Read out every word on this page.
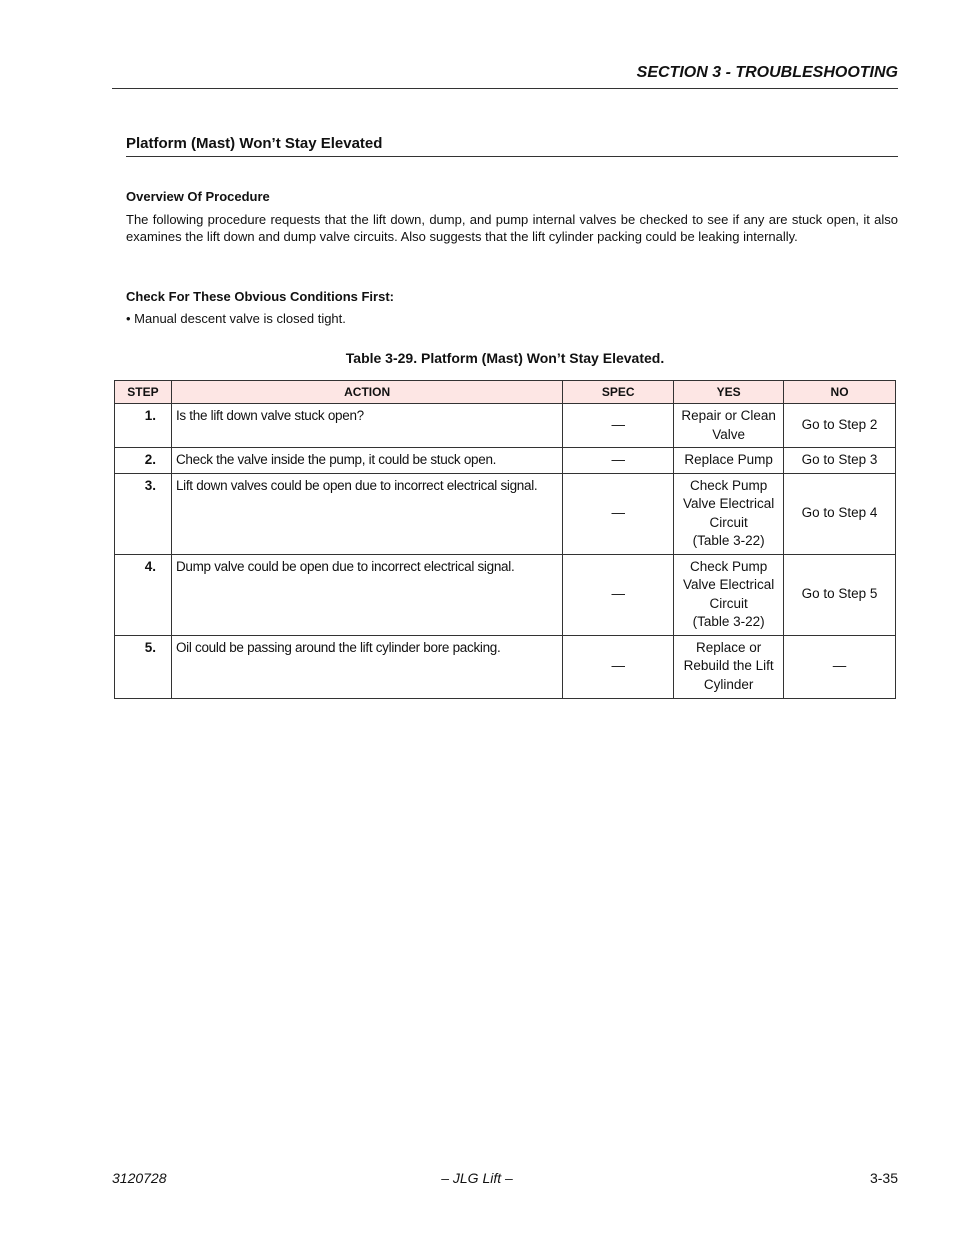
SECTION 3 - TROUBLESHOOTING
Platform (Mast) Won’t Stay Elevated
Overview Of Procedure
The following procedure requests that the lift down, dump, and pump internal valves be checked to see if any are stuck open, it also examines the lift down and dump valve circuits. Also suggests that the lift cylinder packing could be leaking internally.
Check For These Obvious Conditions First:
• Manual descent valve is closed tight.
Table 3-29. Platform (Mast) Won’t Stay Elevated.
STEP	ACTION	SPEC	YES	NO
1.	Is the lift down valve stuck open?	—	Repair or Clean
Valve	Go to Step 2
2.	Check the valve inside the pump, it could be stuck open.	—	Replace Pump	Go to Step 3
3.	Lift down valves could be open due to incorrect electrical signal.	—	Check Pump
Valve Electrical
Circuit
(Table 3-22)	Go to Step 4
4.	Dump valve could be open due to incorrect electrical signal.	—	Check Pump
Valve Electrical
Circuit
(Table 3-22)	Go to Step 5
5.	Oil could be passing around the lift cylinder bore packing.	—	Replace or
Rebuild the Lift
Cylinder	—
3120728	– JLG Lift –	3-35
